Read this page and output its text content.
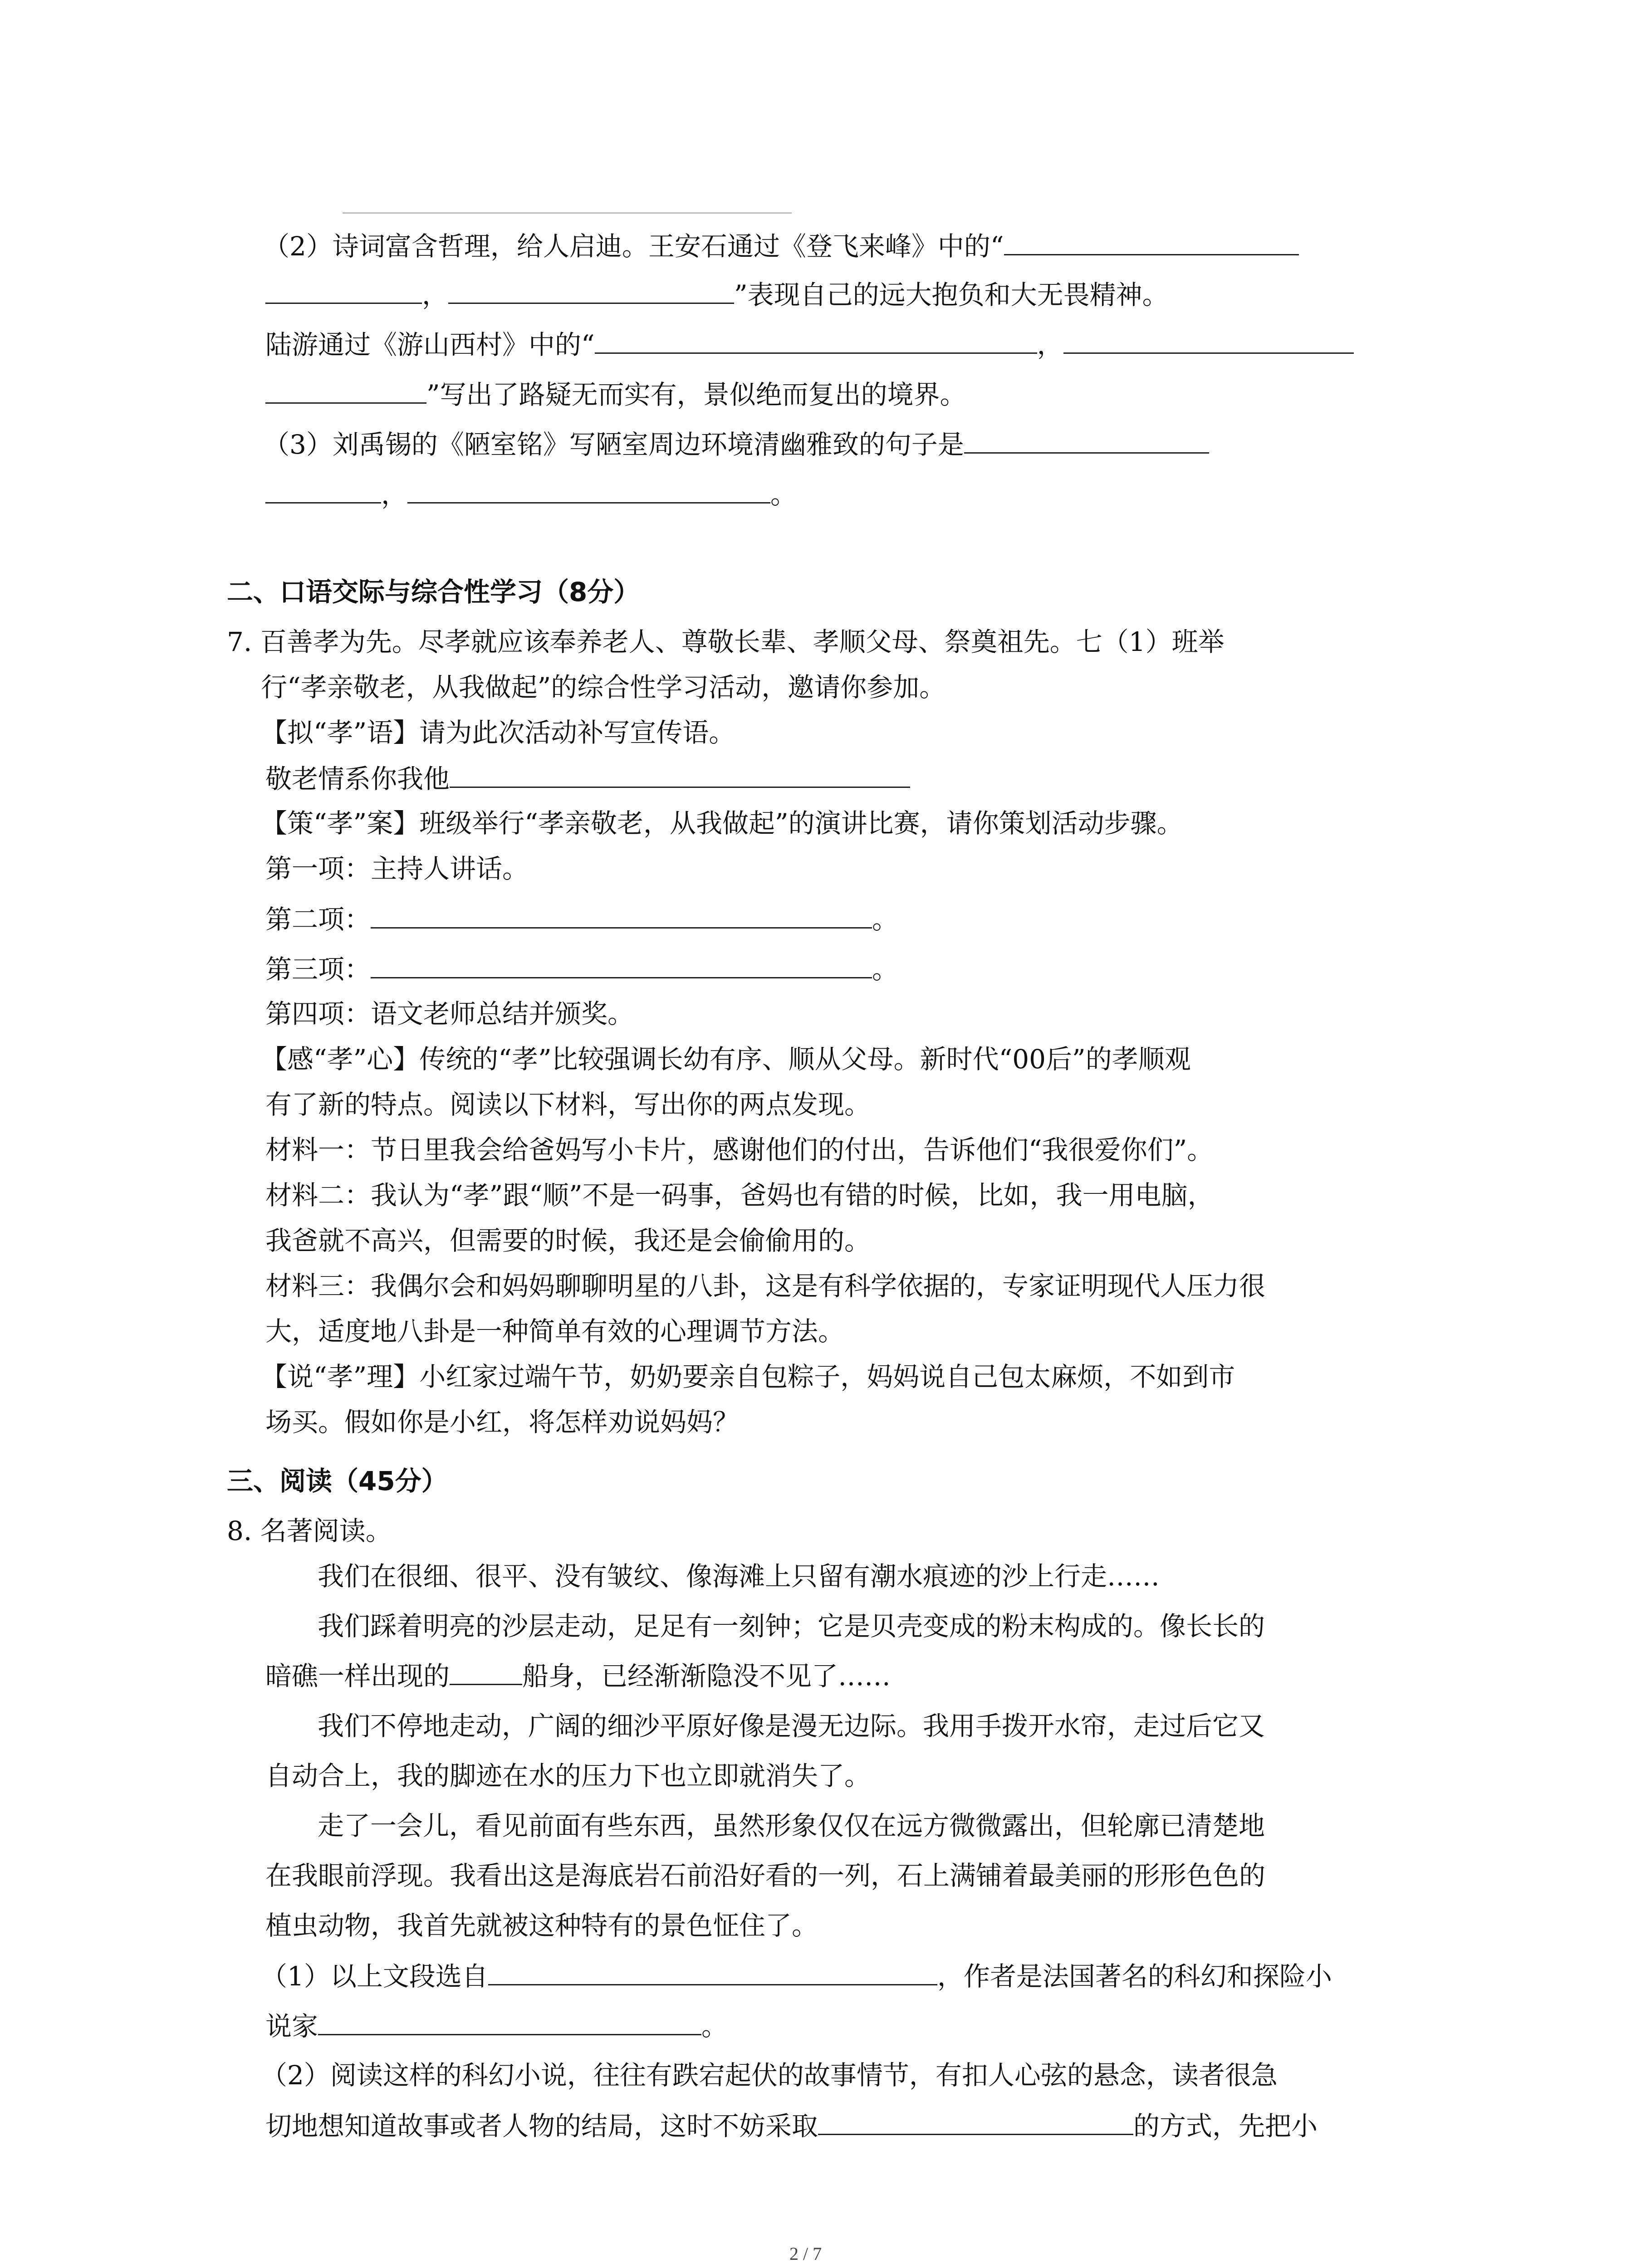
（2）诗词富含哲理，给人启迪。王安石通过《登飞来峰》中的“
，	”表现自己的远大抱负和大无畏精神。
陆游通过《游山西村》中的“	，
”写出了路疑无而实有，景似绝而复出的境界。
（3）刘禹锡的《陋室铭》写陋室周边环境清幽雅致的句子是
，	。
二、口语交际与综合性学习（8分）
7. 百善孝为先。尽孝就应该奉养老人、尊敬长辈、孝顺父母、祭奠祖先。七（1）班举
行“孝亲敬老，从我做起”的综合性学习活动，邀请你参加。
【拟“孝”语】请为此次活动补写宣传语。
敬老情系你我他
【策“孝”案】班级举行“孝亲敬老，从我做起”的演讲比赛，请你策划活动步骤。
第一项：主持人讲话。
第二项：	。
第三项：	。
第四项：语文老师总结并颁奖。
【感“孝”心】传统的“孝”比较强调长幼有序、顺从父母。新时代“00后”的孝顺观
有了新的特点。阅读以下材料，写出你的两点发现。
材料一：节日里我会给爸妈写小卡片，感谢他们的付出，告诉他们“我很爱你们”。
材料二：我认为“孝”跟“顺”不是一码事，爸妈也有错的时候，比如，我一用电脑，
我爸就不高兴，但需要的时候，我还是会偷偷用的。
材料三：我偶尔会和妈妈聊聊明星的八卦，这是有科学依据的，专家证明现代人压力很
大，适度地八卦是一种简单有效的心理调节方法。
【说“孝”理】小红家过端午节，奶奶要亲自包粽子，妈妈说自己包太麻烦，不如到市
场买。假如你是小红，将怎样劝说妈妈？
三、阅读（45分）
8. 名著阅读。
我们在很细、很平、没有皱纹、像海滩上只留有潮水痕迹的沙上行走……
我们踩着明亮的沙层走动，足足有一刻钟；它是贝壳变成的粉末构成的。像长长的
暗礁一样出现的	船身，已经渐渐隐没不见了……
我们不停地走动，广阔的细沙平原好像是漫无边际。我用手拨开水帘，走过后它又
自动合上，我的脚迹在水的压力下也立即就消失了。
走了一会儿，看见前面有些东西，虽然形象仅仅在远方微微露出，但轮廓已清楚地
在我眼前浮现。我看出这是海底岩石前沿好看的一列，石上满铺着最美丽的形形色色的
植虫动物，我首先就被这种特有的景色怔住了。
（1）以上文段选自	，作者是法国著名的科幻和探险小
说家	。
（2）阅读这样的科幻小说，往往有跌宕起伏的故事情节，有扣人心弦的悬念，读者很急
切地想知道故事或者人物的结局，这时不妨采取	的方式，先把小
2 / 7
